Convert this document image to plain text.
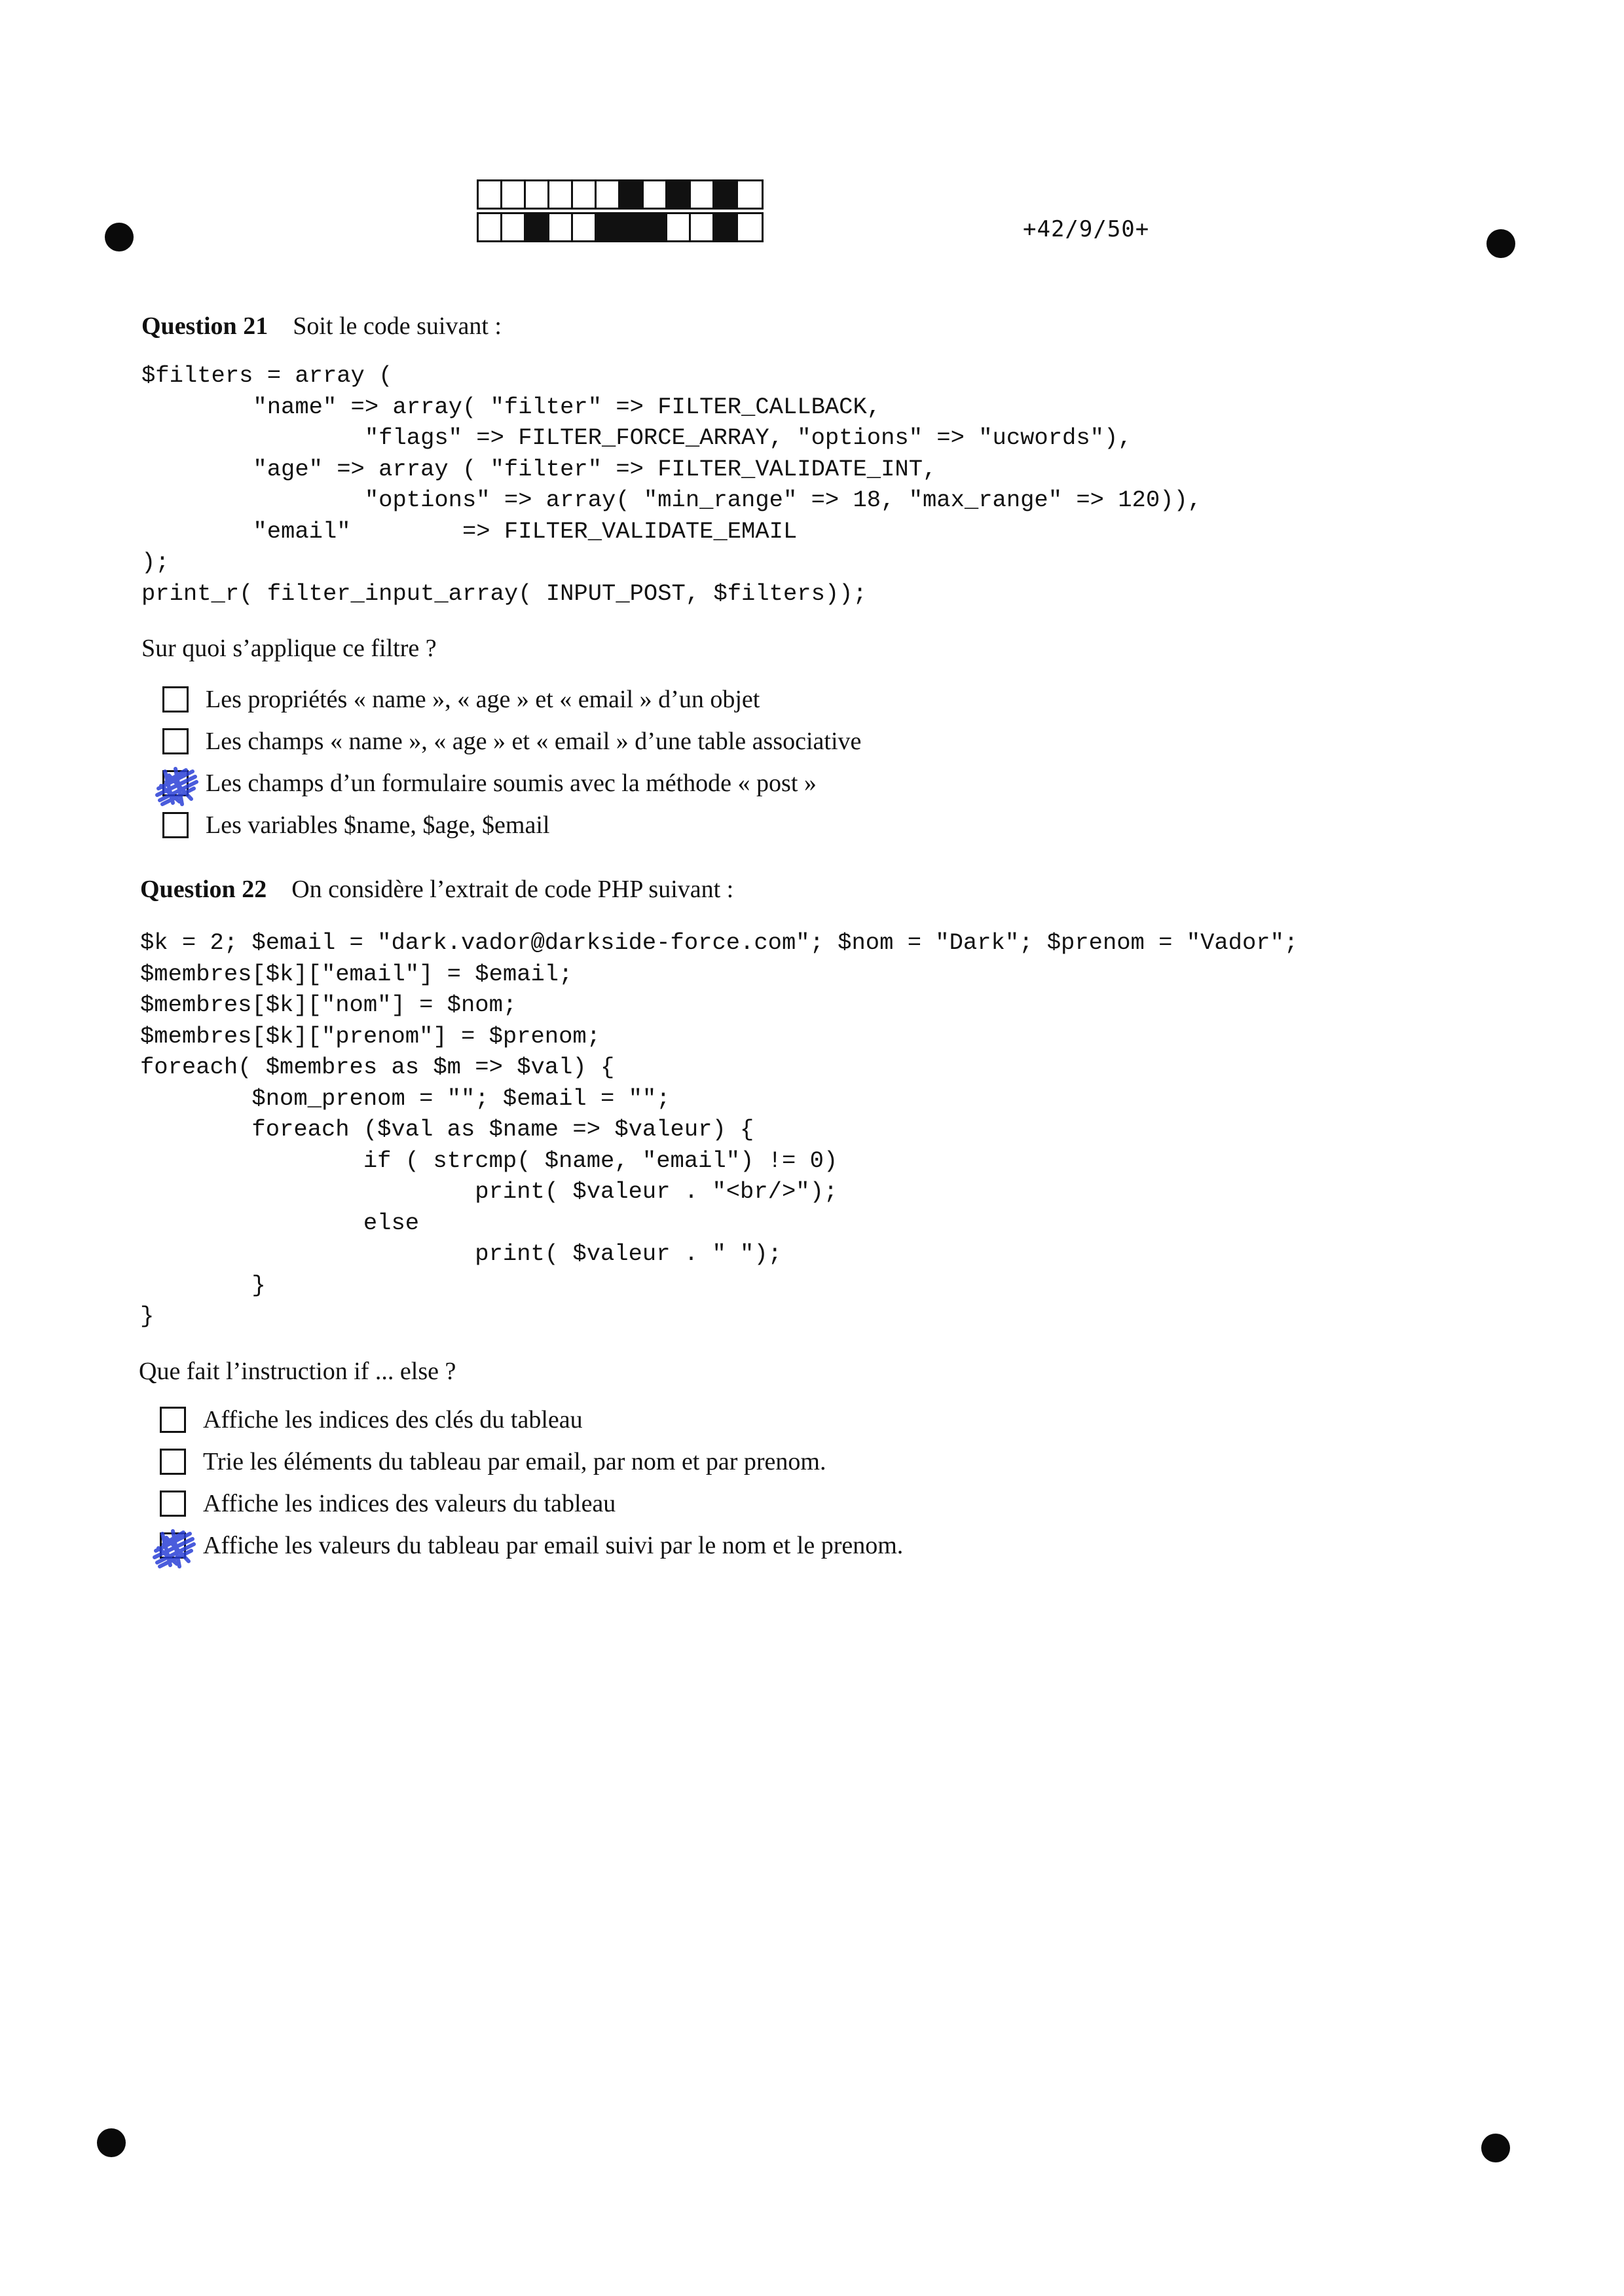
+42/9/50+
Question 21 Soit le code suivant :
$filters = array (
"name" => array( "filter" => FILTER_CALLBACK,
"flags" => FILTER_FORCE_ARRAY, "options" => "ucwords"),
"age" => array ( "filter" => FILTER_VALIDATE_INT,
"options" => array( "min_range" => 18, "max_range" => 120)),
"email"        => FILTER_VALIDATE_EMAIL
);
print_r( filter_input_array( INPUT_POST, $filters));
Sur quoi s’applique ce filtre ?
Les propriétés « name », « age » et « email » d’un objet
Les champs « name », « age » et « email » d’une table associative
Les champs d’un formulaire soumis avec la méthode « post »
Les variables $name, $age, $email
Question 22 On considère l’extrait de code PHP suivant :
$k = 2; $email = "dark.vador@darkside-force.com"; $nom = "Dark"; $prenom = "Vador";
$membres[$k]["email"] = $email;
$membres[$k]["nom"] = $nom;
$membres[$k]["prenom"] = $prenom;
foreach( $membres as $m => $val) {
$nom_prenom = ""; $email = "";
foreach ($val as $name => $valeur) {
if ( strcmp( $name, "email") != 0)
print( $valeur . "<br/>");
else
print( $valeur . " ");
}
}
Que fait l’instruction if ... else ?
Affiche les indices des clés du tableau
Trie les éléments du tableau par email, par nom et par prenom.
Affiche les indices des valeurs du tableau
Affiche les valeurs du tableau par email suivi par le nom et le prenom.
